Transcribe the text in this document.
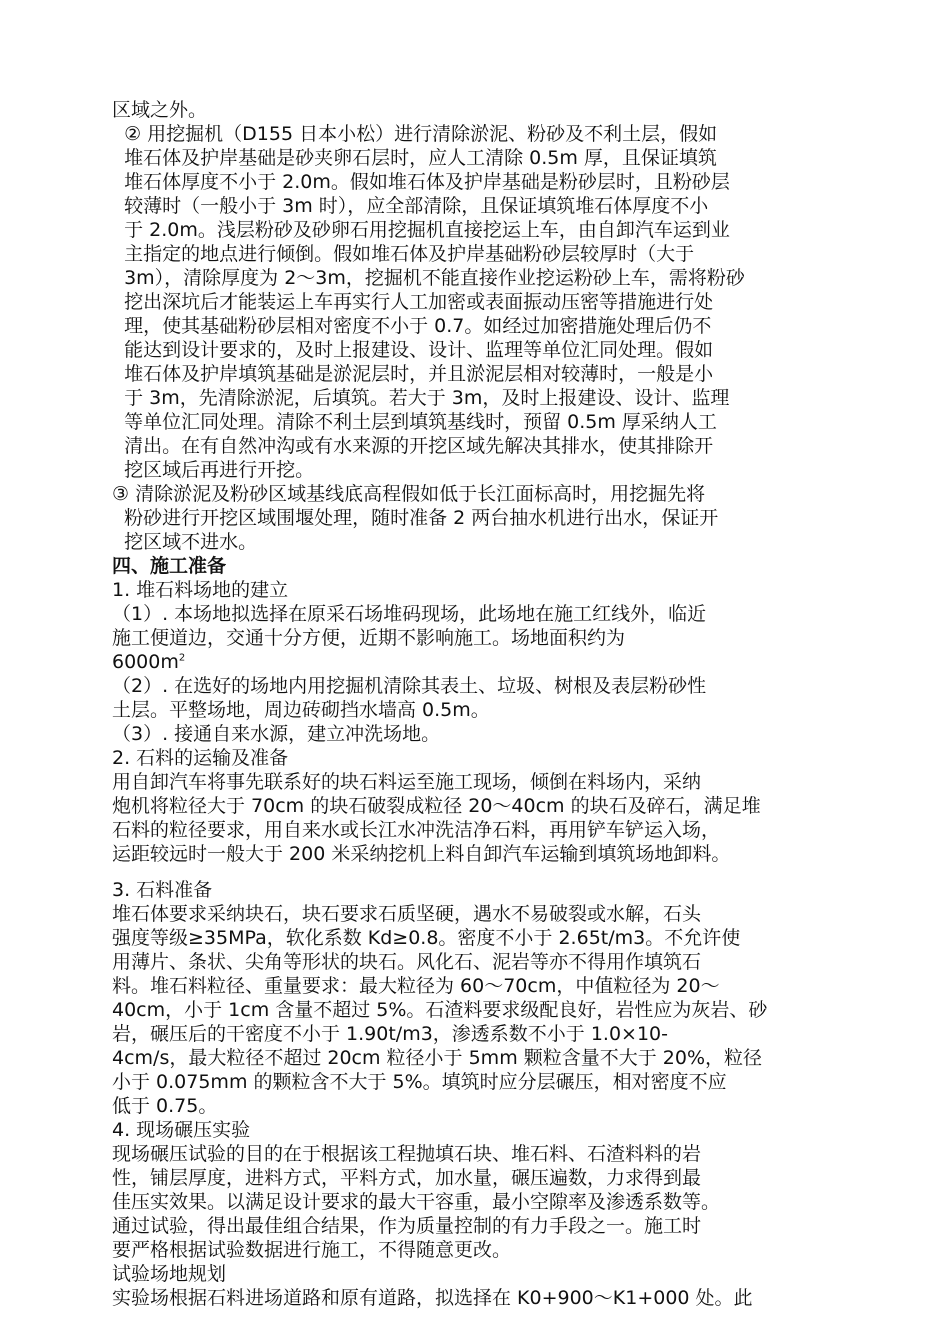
区域之外。

② 用挖掘机（D155 日本小松）进行清除淤泥、粉砂及不利土层，假如

堆石体及护岸基础是砂夹卵石层时，应人工清除 0.5m 厚，且保证填筑

堆石体厚度不小于 2.0m。假如堆石体及护岸基础是粉砂层时，且粉砂层

较薄时（一般小于 3m 时），应全部清除，且保证填筑堆石体厚度不小

于 2.0m。浅层粉砂及砂卵石用挖掘机直接挖运上车，由自卸汽车运到业

主指定的地点进行倾倒。假如堆石体及护岸基础粉砂层较厚时（大于

3m），清除厚度为 2～3m，挖掘机不能直接作业挖运粉砂上车，需将粉砂

挖出深坑后才能装运上车再实行人工加密或表面振动压密等措施进行处

理，使其基础粉砂层相对密度不小于 0.7。如经过加密措施处理后仍不

能达到设计要求的，及时上报建设、设计、监理等单位汇同处理。假如

堆石体及护岸填筑基础是淤泥层时，并且淤泥层相对较薄时，一般是小

于 3m，先清除淤泥，后填筑。若大于 3m，及时上报建设、设计、监理

等单位汇同处理。清除不利土层到填筑基线时，预留 0.5m 厚采纳人工

清出。在有自然冲沟或有水来源的开挖区域先解决其排水，使其排除开

挖区域后再进行开挖。

③ 清除淤泥及粉砂区域基线底高程假如低于长江面标高时，用挖掘先将

粉砂进行开挖区域围堰处理，随时准备 2 两台抽水机进行出水，保证开

挖区域不进水。

四、施工准备

1. 堆石料场地的建立

（1）. 本场地拟选择在原采石场堆码现场，此场地在施工红线外，临近

施工便道边，交通十分方便，近期不影响施工。场地面积约为

$6000m^2$

（2）. 在选好的场地内用挖掘机清除其表土、垃圾、树根及表层粉砂性

土层。平整场地，周边砖砌挡水墙高 0.5m。

（3）. 接通自来水源，建立冲洗场地。

2. 石料的运输及准备

用自卸汽车将事先联系好的块石料运至施工现场，倾倒在料场内，采纳

炮机将粒径大于 70cm 的块石破裂成粒径 20～40cm 的块石及碎石，满足堆

石料的粒径要求，用自来水或长江水冲洗洁净石料，再用铲车铲运入场，

运距较远时一般大于 200 米采纳挖机上料自卸汽车运输到填筑场地卸料。

3. 石料准备

堆石体要求采纳块石，块石要求石质坚硬，遇水不易破裂或水解，石头

强度等级≥35MPa，软化系数 Kd≥0.8。密度不小于 2.65t/m3。不允许使

用薄片、条状、尖角等形状的块石。风化石、泥岩等亦不得用作填筑石

料。堆石料粒径、重量要求：最大粒径为 60～70cm，中值粒径为 20～

40cm，小于 1cm 含量不超过 5%。石渣料要求级配良好，岩性应为灰岩、砂

岩，碾压后的干密度不小于 1.90t/m3，渗透系数不小于 1.0×10-

4cm/s，最大粒径不超过 20cm 粒径小于 5mm 颗粒含量不大于 20%，粒径

小于 0.075mm 的颗粒含不大于 5%。填筑时应分层碾压，相对密度不应

低于 0.75。

4. 现场碾压实验

现场碾压试验的目的在于根据该工程抛填石块、堆石料、石渣料料的岩

性，铺层厚度，进料方式，平料方式，加水量，碾压遍数，力求得到最

佳压实效果。以满足设计要求的最大干容重，最小空隙率及渗透系数等。

通过试验，得出最佳组合结果，作为质量控制的有力手段之一。施工时

要严格根据试验数据进行施工，不得随意更改。

试验场地规划

实验场根据石料进场道路和原有道路，拟选择在 K0+900～K1+000 处。此
